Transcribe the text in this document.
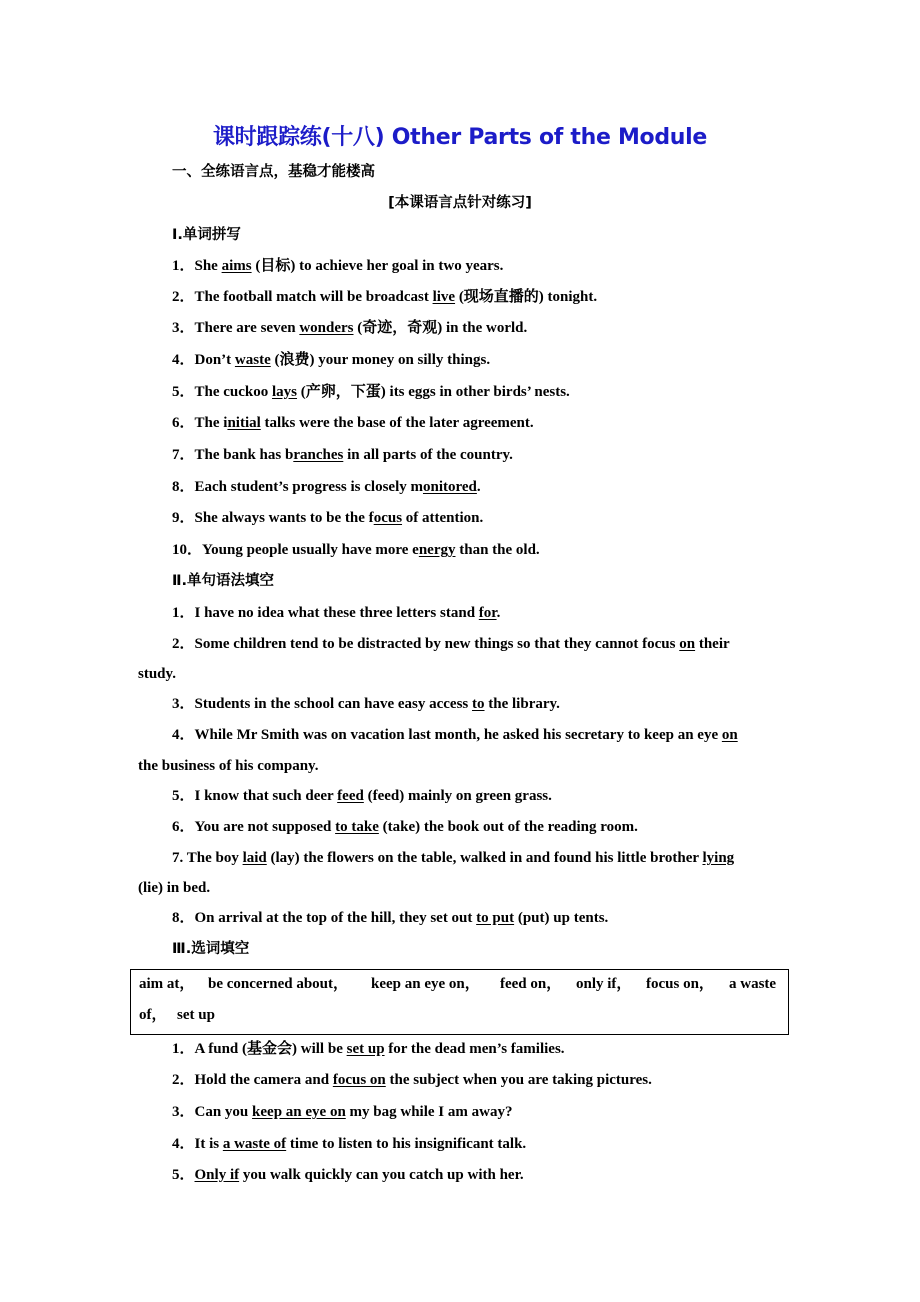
课时跟踪练(十八) Other Parts of the Module
一、全练语言点，基稳才能楼高
[本课语言点针对练习]
Ⅰ.单词拼写
1．She aims (目标) to achieve her goal in two years.
2．The football match will be broadcast live (现场直播的) tonight.
3．There are seven wonders (奇迹，奇观) in the world.
4．Don’t waste (浪费) your money on silly things.
5．The cuckoo lays (产卵，下蛋) its eggs in other birds’ nests.
6．The initial talks were the base of the later agreement.
7．The bank has branches in all parts of the country.
8．Each student’s progress is closely monitored.
9．She always wants to be the focus of attention.
10．Young people usually have more energy than the old.
Ⅱ.单句语法填空
1．I have no idea what these three letters stand for.
2．Some children tend to be distracted by new things so that they cannot focus on their
study.
3．Students in the school can have easy access to the library.
4．While Mr Smith was on vacation last month, he asked his secretary to keep an eye on
the business of his company.
5．I know that such deer feed (feed) mainly on green grass.
6．You are not supposed to take (take) the book out of the reading room.
7. The boy laid (lay) the flowers on the table, walked in and found his little brother lying
(lie) in bed.
8．On arrival at the top of the hill, they set out to put (put) up tents.
Ⅲ.选词填空
aim at， be concerned about， keep an eye on， feed on， only if， focus on， a waste
of， set up
1．A fund (基金会) will be set up for the dead men’s families.
2．Hold the camera and focus on the subject when you are taking pictures.
3．Can you keep an eye on my bag while I am away?
4．It is a waste of time to listen to his insignificant talk.
5．Only if you walk quickly can you catch up with her.
